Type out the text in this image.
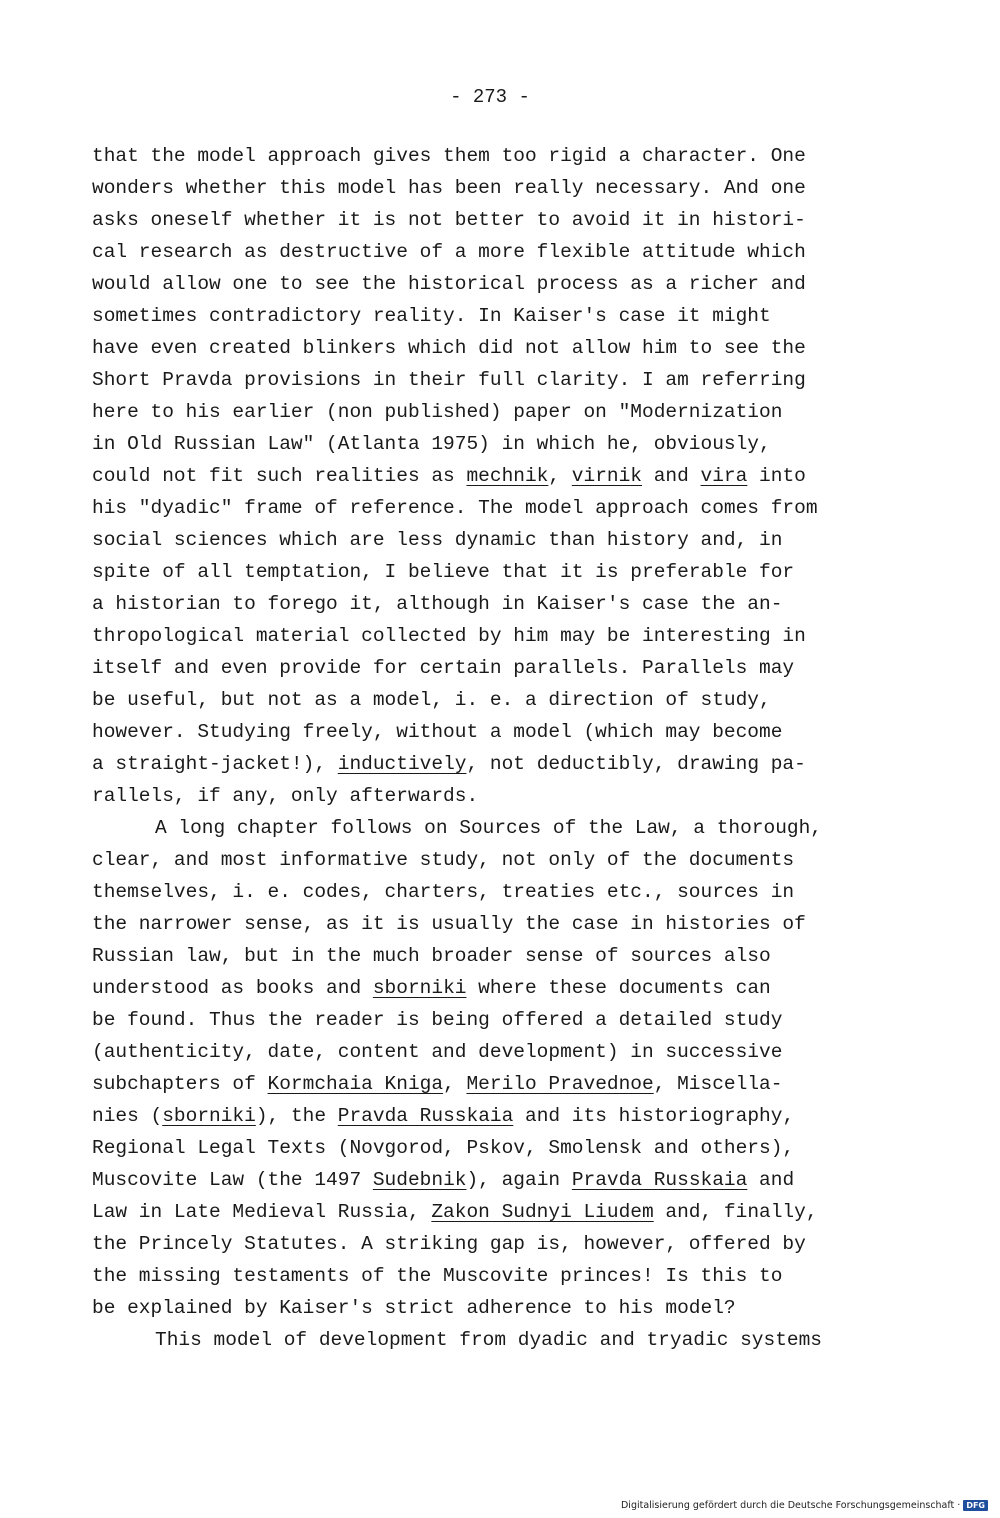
- 273 -
that the model approach gives them too rigid a character. One
wonders whether this model has been really necessary. And one
asks oneself whether it is not better to avoid it in histori-
cal research as destructive of a more flexible attitude which
would allow one to see the historical process as a richer and
sometimes contradictory reality. In Kaiser's case it might
have even created blinkers which did not allow him to see the
Short Pravda provisions in their full clarity. I am referring
here to his earlier (non published) paper on "Modernization
in Old Russian Law" (Atlanta 1975) in which he, obviously,
could not fit such realities as mechnik, virnik and vira into
his "dyadic" frame of reference. The model approach comes from
social sciences which are less dynamic than history and, in
spite of all temptation, I believe that it is preferable for
a historian to forego it, although in Kaiser's case the an-
thropological material collected by him may be interesting in
itself and even provide for certain parallels. Parallels may
be useful, but not as a model, i. e. a direction of study,
however. Studying freely, without a model (which may become
a straight-jacket!), inductively, not deductibly, drawing pa-
rallels, if any, only afterwards.
A long chapter follows on Sources of the Law, a thorough,
clear, and most informative study, not only of the documents
themselves, i. e. codes, charters, treaties etc., sources in
the narrower sense, as it is usually the case in histories of
Russian law, but in the much broader sense of sources also
understood as books and sborniki where these documents can
be found. Thus the reader is being offered a detailed study
(authenticity, date, content and development) in successive
subchapters of Kormchaia Kniga, Merilo Pravednoe, Miscella-
nies (sborniki), the Pravda Russkaia and its historiography,
Regional Legal Texts (Novgorod, Pskov, Smolensk and others),
Muscovite Law (the 1497 Sudebnik), again Pravda Russkaia and
Law in Late Medieval Russia, Zakon Sudnyi Liudem and, finally,
the Princely Statutes. A striking gap is, however, offered by
the missing testaments of the Muscovite princes! Is this to
be explained by Kaiser's strict adherence to his model?
This model of development from dyadic and tryadic systems
Digitalisierung gefördert durch die Deutsche Forschungsgemeinschaft · DFG
